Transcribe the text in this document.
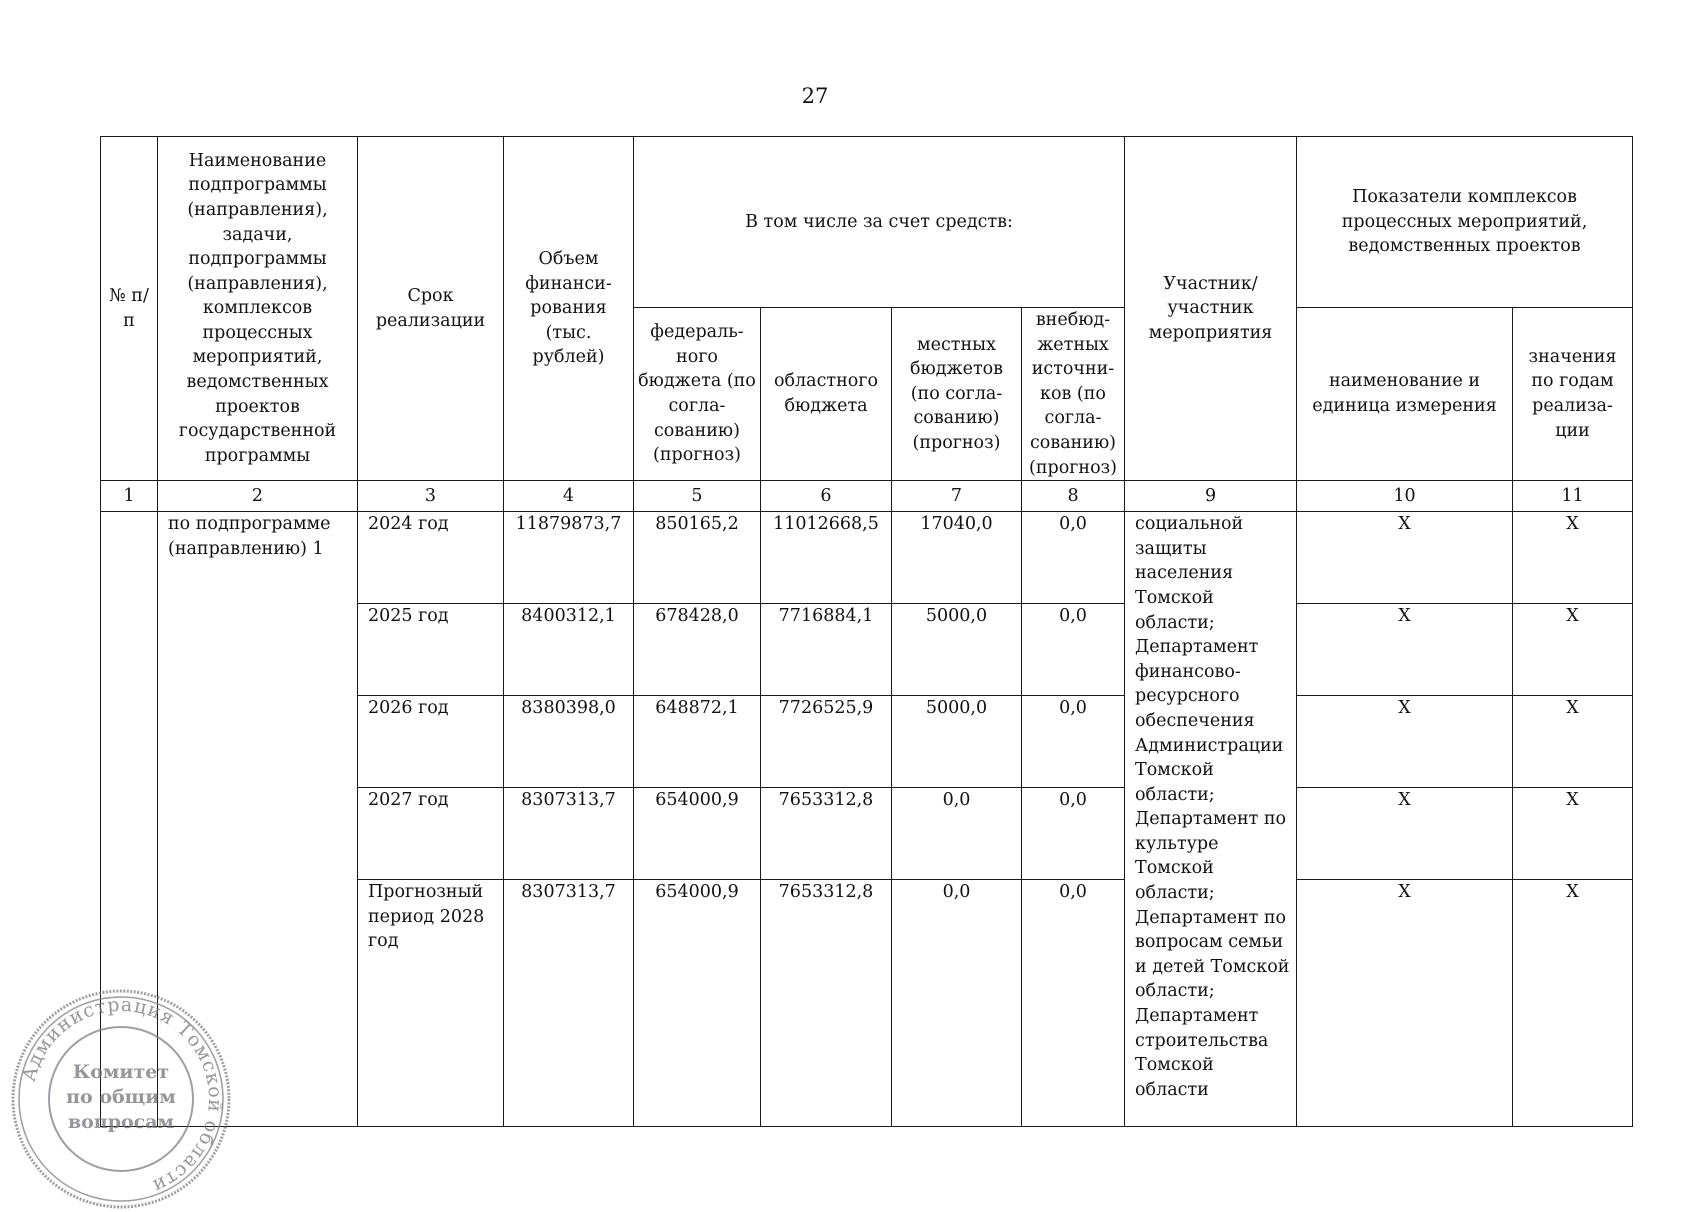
27
№ п/п	Наименование подпрограммы (направления), задачи, подпрограммы (направления), комплексов процессных мероприятий, ведомственных проектов государственной программы	Срок реализации	Объем финанси-рования (тыс. рублей)	В том числе за счет средств:				Участник/ участник мероприятия	Показатели комплексов процессных мероприятий, ведомственных проектов	
				федераль-ного бюджета (по согла-сованию) (прогноз)	областного бюджета	местных бюджетов (по согла-сованию) (прогноз)	внебюд-жетных источни-ков (по согла-сованию) (прогноз)		наименование и единица измерения	значения по годам реализа-ции
1	2	3	4	5	6	7	8	9	10	11
	по подпрограмме (направлению) 1	2024 год	11879873,7	850165,2	11012668,5	17040,0	0,0	социальной защиты населения Томской области; Департамент финансово-ресурсного обеспечения Администрации Томской области; Департамент по культуре Томской области; Департамент по вопросам семьи и детей Томской области; Департамент строительства Томской области	X	X
		2025 год	8400312,1	678428,0	7716884,1	5000,0	0,0		X	X
		2026 год	8380398,0	648872,1	7726525,9	5000,0	0,0		X	X
		2027 год	8307313,7	654000,9	7653312,8	0,0	0,0		X	X
		Прогнозный период 2028 год	8307313,7	654000,9	7653312,8	0,0	0,0		X	X
Администрация Томской области
Комитет
по общим
вопросам
